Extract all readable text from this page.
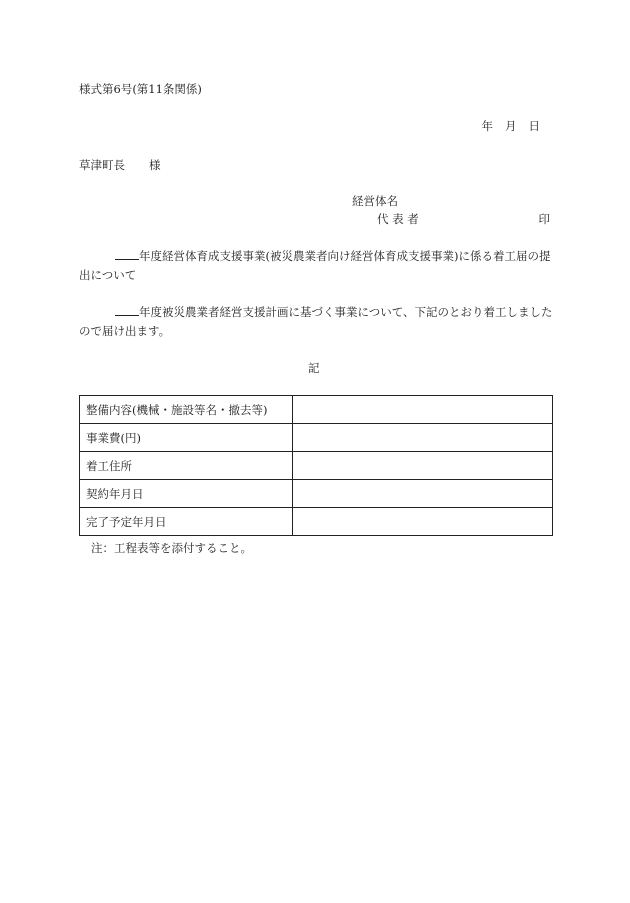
様式第6号(第11条関係)
年 月 日
草津町長 様
経営体名
代 表 者	印
年度経営体育成支援事業(被災農業者向け経営体育成支援事業)に係る着工届の提出について
年度被災農業者経営支援計画に基づく事業について、下記のとおり着工しましたので届け出ます。
記
整備内容(機械・施設等名・撤去等)	
事業費(円)	
着工住所	
契約年月日	
完了予定年月日	
注：工程表等を添付すること。
